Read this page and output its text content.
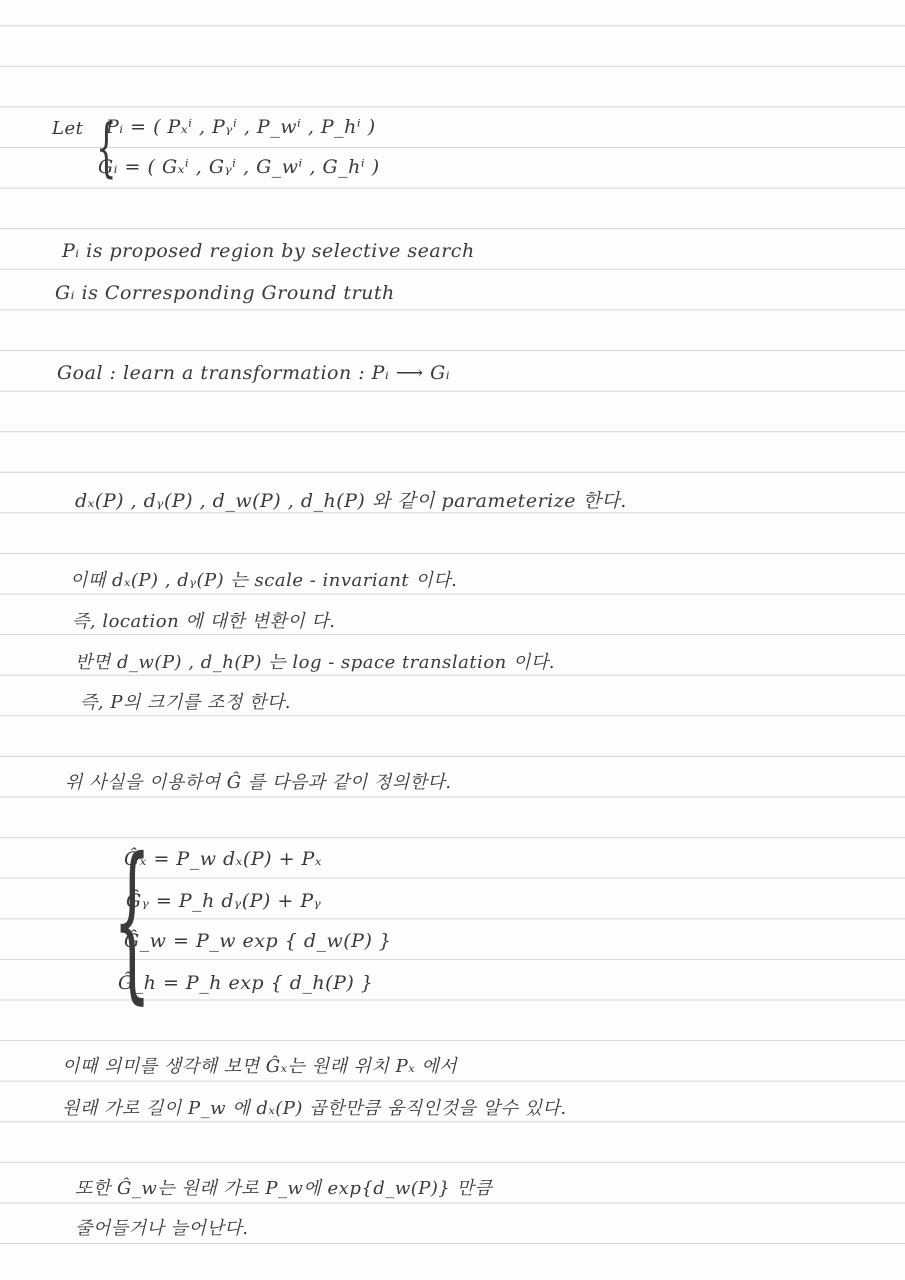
Let {
Pᵢ = ( Pₓⁱ , Pᵧⁱ , P_wⁱ , P_hⁱ )
Gᵢ = ( Gₓⁱ , Gᵧⁱ , G_wⁱ , G_hⁱ )
Pᵢ is proposed region by selective search
Gᵢ is Corresponding Ground truth
Goal : learn a transformation : Pᵢ ⟶ Gᵢ
dₓ(P) , dᵧ(P) , d_w(P) , d_h(P) 와 같이 parameterize 한다.
이때 dₓ(P) , dᵧ(P) 는 scale - invariant 이다.
즉, location 에 대한 변환이 다.
반면 d_w(P) , d_h(P) 는 log - space translation 이다.
즉, P의 크기를 조정 한다.
위 사실을 이용하여 Ĝ 를 다음과 같이 정의한다.
{
Ĝₓ = P_w dₓ(P) + Pₓ
Ĝᵧ = P_h dᵧ(P) + Pᵧ
Ĝ_w = P_w exp { d_w(P) }
Ĝ_h = P_h exp { d_h(P) }
이때 의미를 생각해 보면 Ĝₓ는 원래 위치 Pₓ 에서
원래 가로 길이 P_w 에 dₓ(P) 곱한만큼 움직인것을 알수 있다.
또한 Ĝ_w는 원래 가로 P_w에 exp{d_w(P)} 만큼
줄어들거나 늘어난다.
